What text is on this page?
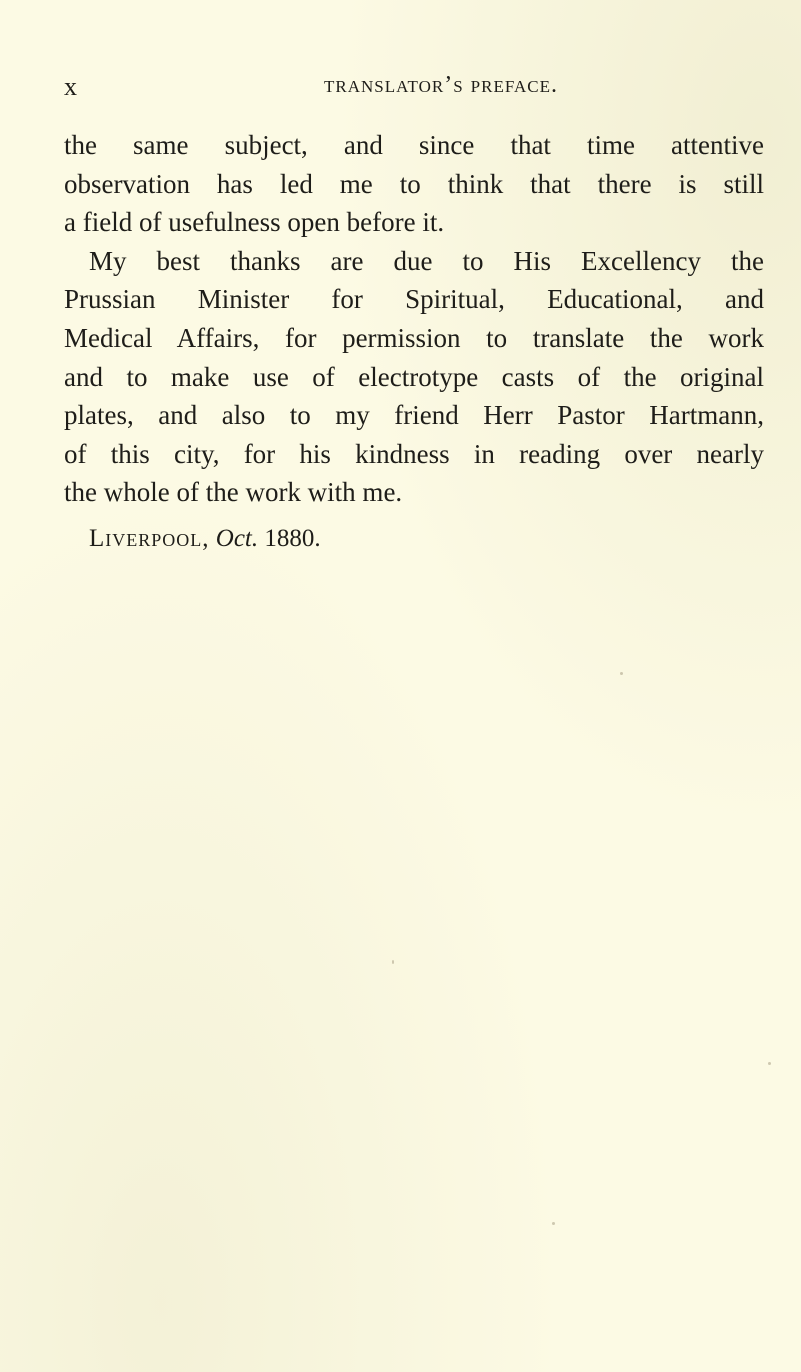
x	translator’s preface.

the same subject, and since that time attentive
observation has led me to think that there is still
a field of usefulness open before it.

My best thanks are due to His Excellency the
Prussian Minister for Spiritual, Educational, and
Medical Affairs, for permission to translate the work
and to make use of electrotype casts of the original
plates, and also to my friend Herr Pastor Hartmann,
of this city, for his kindness in reading over nearly
the whole of the work with me.

Liverpool, Oct. 1880.
